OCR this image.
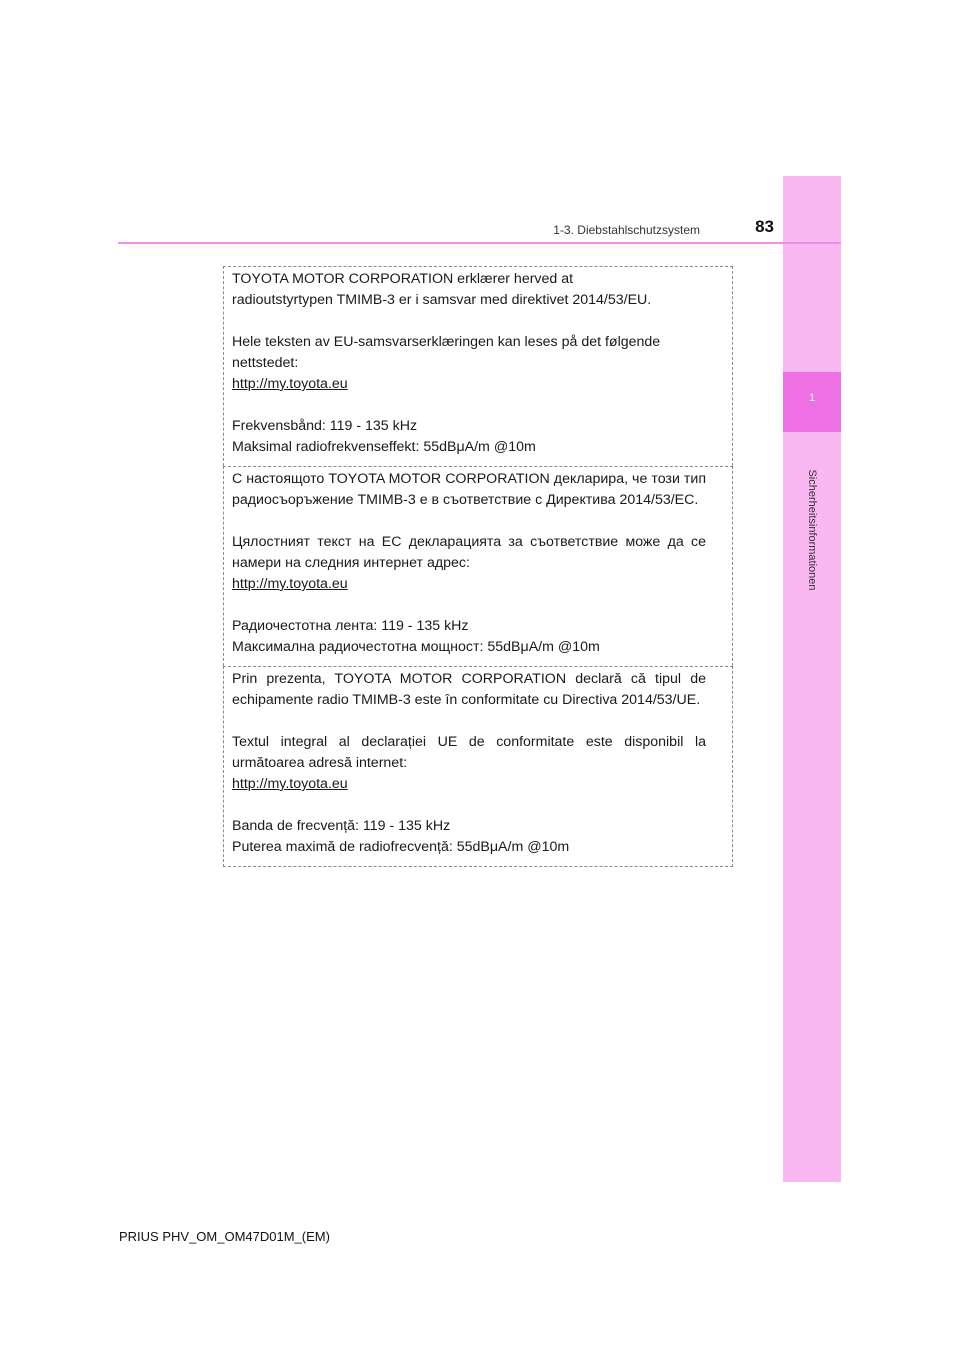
1
Sicherheitsinformationen
1-3. Diebstahlschutzsystem	83

TOYOTA MOTOR CORPORATION erklærer herved at
radioutstyrtypen TMIMB-3 er i samsvar med direktivet 2014/53/EU.

Hele teksten av EU-samsvarserklæringen kan leses på det følgende
nettstedet:
http://my.toyota.eu

Frekvensbånd: 119 - 135 kHz
Maksimal radiofrekvenseffekt: 55dBμA/m @10m

С настоящото TOYOTA MOTOR CORPORATION декларира, че този тип радиосъоръжение TMIMB-3 е в съответствие с Директива 2014/53/ЕС.

Цялостният текст на ЕС декларацията за съответствие може да се намери на следния интернет адрес:
http://my.toyota.eu

Радиочестотна лента: 119 - 135 kHz
Максимална радиочестотна мощност: 55dBμA/m @10m

Prin prezenta, TOYOTA MOTOR CORPORATION declară că tipul de echipamente radio TMIMB-3 este în conformitate cu Directiva 2014/53/UE.

Textul integral al declarației UE de conformitate este disponibil la următoarea adresă internet:
http://my.toyota.eu

Banda de frecvență: 119 - 135 kHz
Puterea maximă de radiofrecvență: 55dBμA/m @10m

PRIUS PHV_OM_OM47D01M_(EM)
